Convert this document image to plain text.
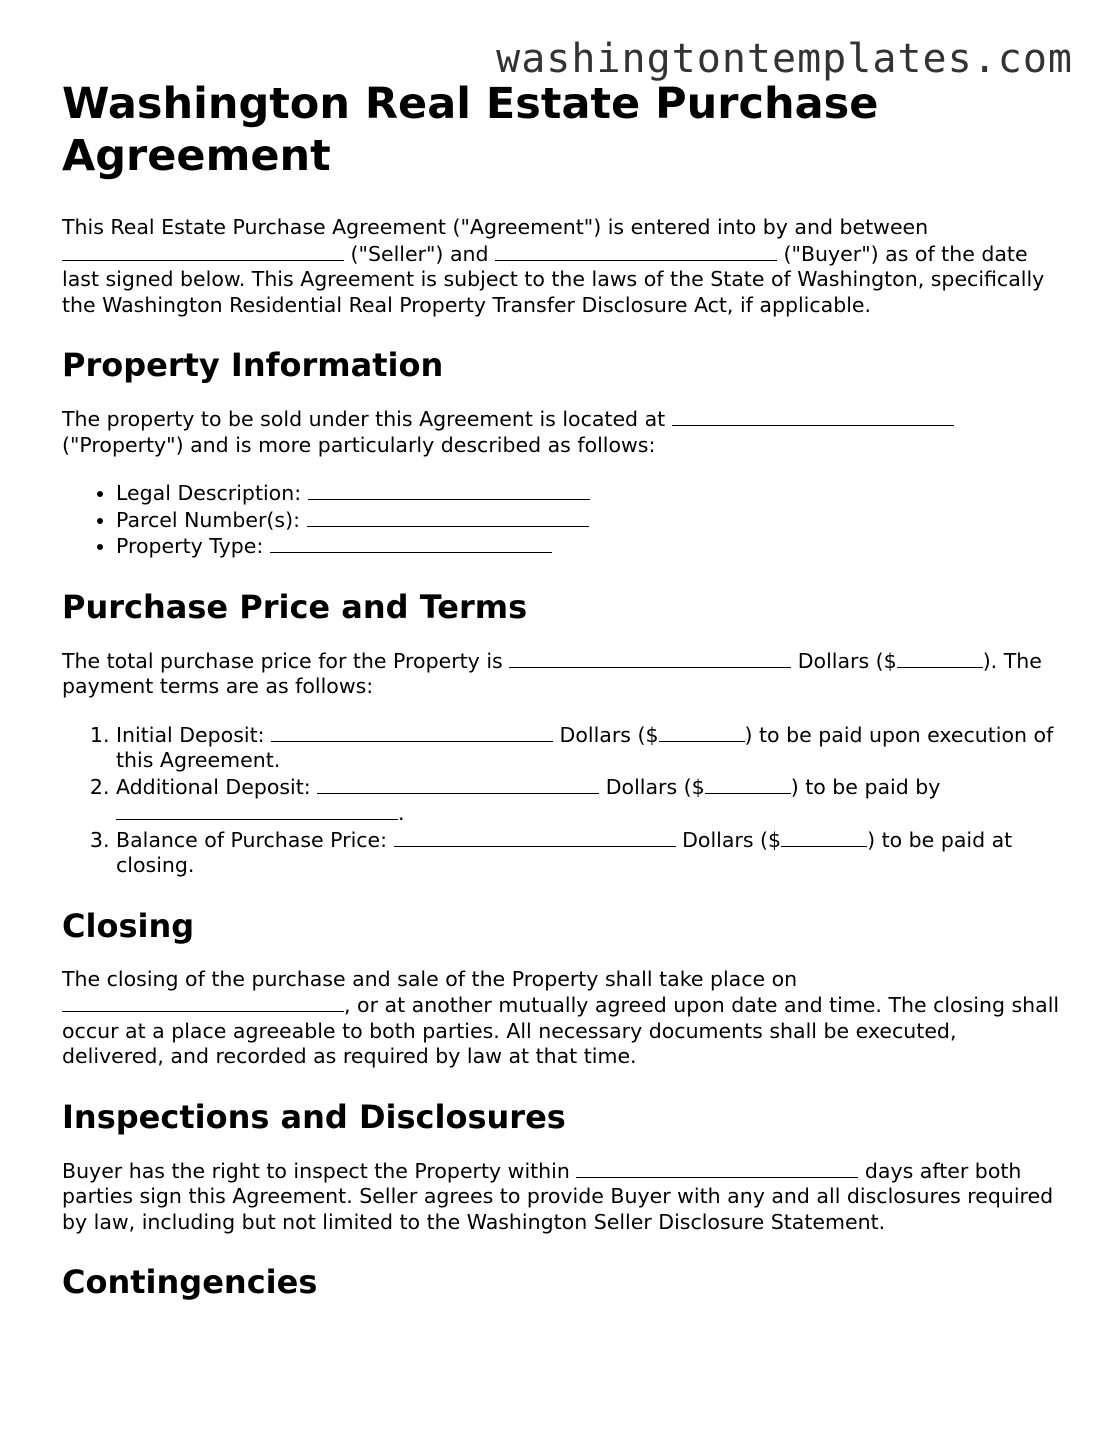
washingtontemplates.com
Washington Real Estate Purchase Agreement

This Real Estate Purchase Agreement ("Agreement") is entered into by and between
("Seller") and	("Buyer") as of the date last signed below. This Agreement is subject to the laws of the State of Washington, specifically the Washington Residential Real Property Transfer Disclosure Act, if applicable.

Property Information

The property to be sold under this Agreement is located at  ("Property") and is more particularly described as follows:

• Legal Description:
• Parcel Number(s):
• Property Type:
Purchase Price and Terms

The total purchase price for the Property is	Dollars ($	). The payment terms are as follows:

1. Initial Deposit:	Dollars ($	) to be paid upon execution of this Agreement.
2. Additional Deposit:	Dollars ($	) to be paid by .
3. Balance of Purchase Price:	Dollars ($	) to be paid at closing.
Closing

The closing of the purchase and sale of the Property shall take place on
, or at another mutually agreed upon date and time. The closing shall occur at a place agreeable to both parties. All necessary documents shall be executed, delivered, and recorded as required by law at that time.

Inspections and Disclosures

Buyer has the right to inspect the Property within	days after both parties sign this Agreement. Seller agrees to provide Buyer with any and all disclosures required by law, including but not limited to the Washington Seller Disclosure Statement.

Contingencies
